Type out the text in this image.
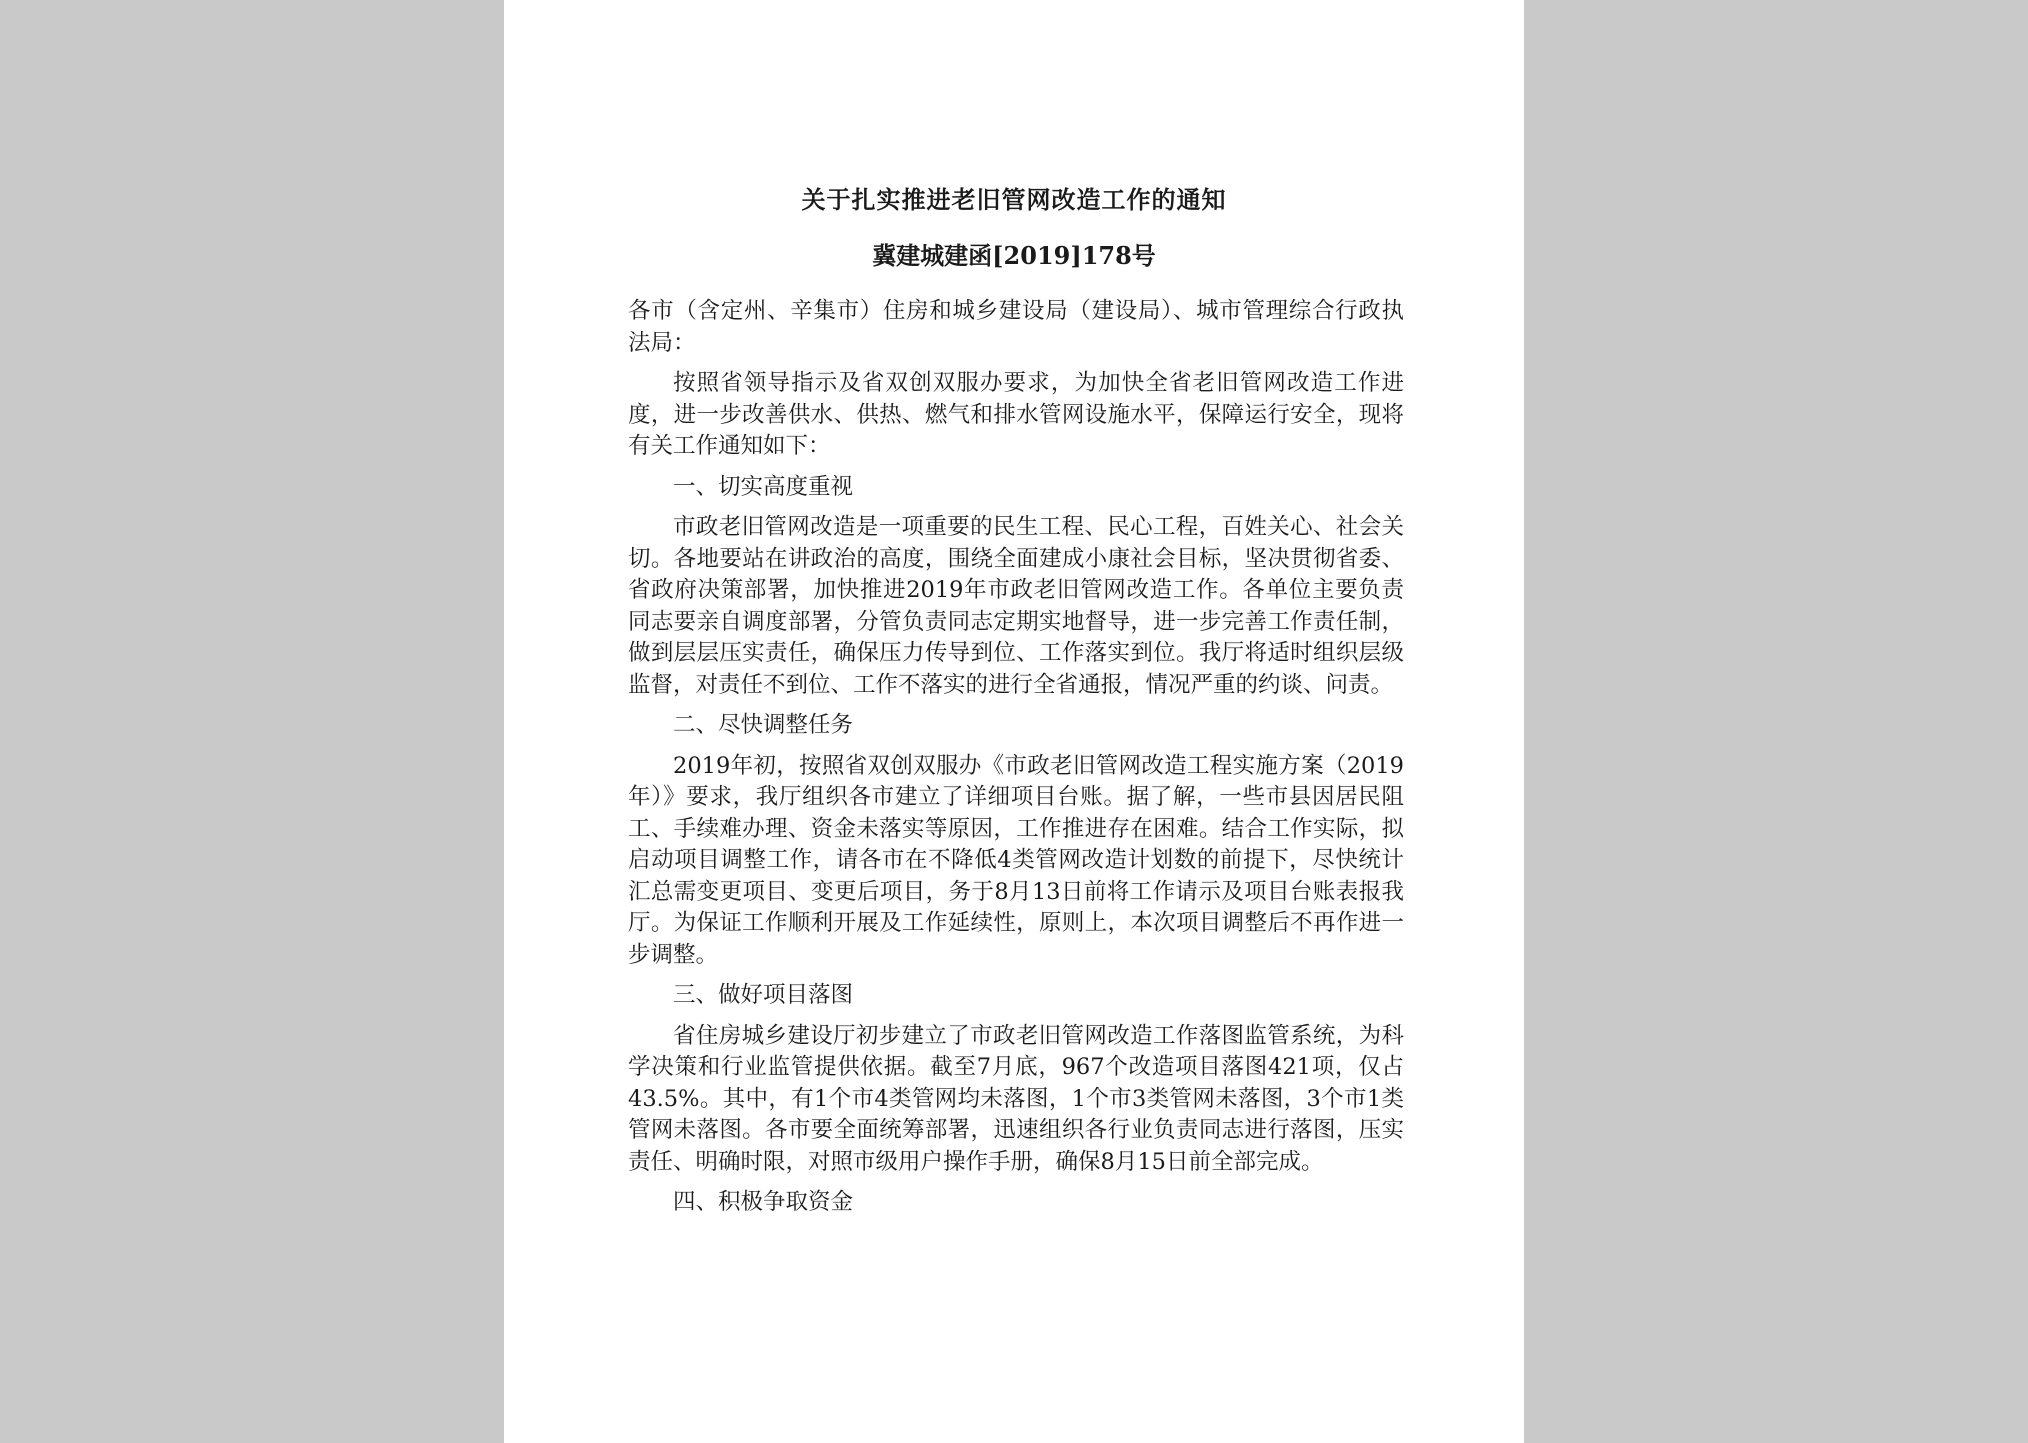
关于扎实推进老旧管网改造工作的通知
冀建城建函[2019]178号

各市（含定州、辛集市）住房和城乡建设局（建设局）、城市管理综合行政执法局：

按照省领导指示及省双创双服办要求，为加快全省老旧管网改造工作进度，进一步改善供水、供热、燃气和排水管网设施水平，保障运行安全，现将有关工作通知如下：

一、切实高度重视

市政老旧管网改造是一项重要的民生工程、民心工程，百姓关心、社会关切。各地要站在讲政治的高度，围绕全面建成小康社会目标，坚决贯彻省委、省政府决策部署，加快推进2019年市政老旧管网改造工作。各单位主要负责同志要亲自调度部署，分管负责同志定期实地督导，进一步完善工作责任制，做到层层压实责任，确保压力传导到位、工作落实到位。我厅将适时组织层级监督，对责任不到位、工作不落实的进行全省通报，情况严重的约谈、问责。

二、尽快调整任务

2019年初，按照省双创双服办《市政老旧管网改造工程实施方案（2019年）》要求，我厅组织各市建立了详细项目台账。据了解，一些市县因居民阻工、手续难办理、资金未落实等原因，工作推进存在困难。结合工作实际，拟启动项目调整工作，请各市在不降低4类管网改造计划数的前提下，尽快统计汇总需变更项目、变更后项目，务于8月13日前将工作请示及项目台账表报我厅。为保证工作顺利开展及工作延续性，原则上，本次项目调整后不再作进一步调整。

三、做好项目落图

省住房城乡建设厅初步建立了市政老旧管网改造工作落图监管系统，为科学决策和行业监管提供依据。截至7月底，967个改造项目落图421项，仅占43.5%。其中，有1个市4类管网均未落图，1个市3类管网未落图，3个市1类管网未落图。各市要全面统筹部署，迅速组织各行业负责同志进行落图，压实责任、明确时限，对照市级用户操作手册，确保8月15日前全部完成。

四、积极争取资金
